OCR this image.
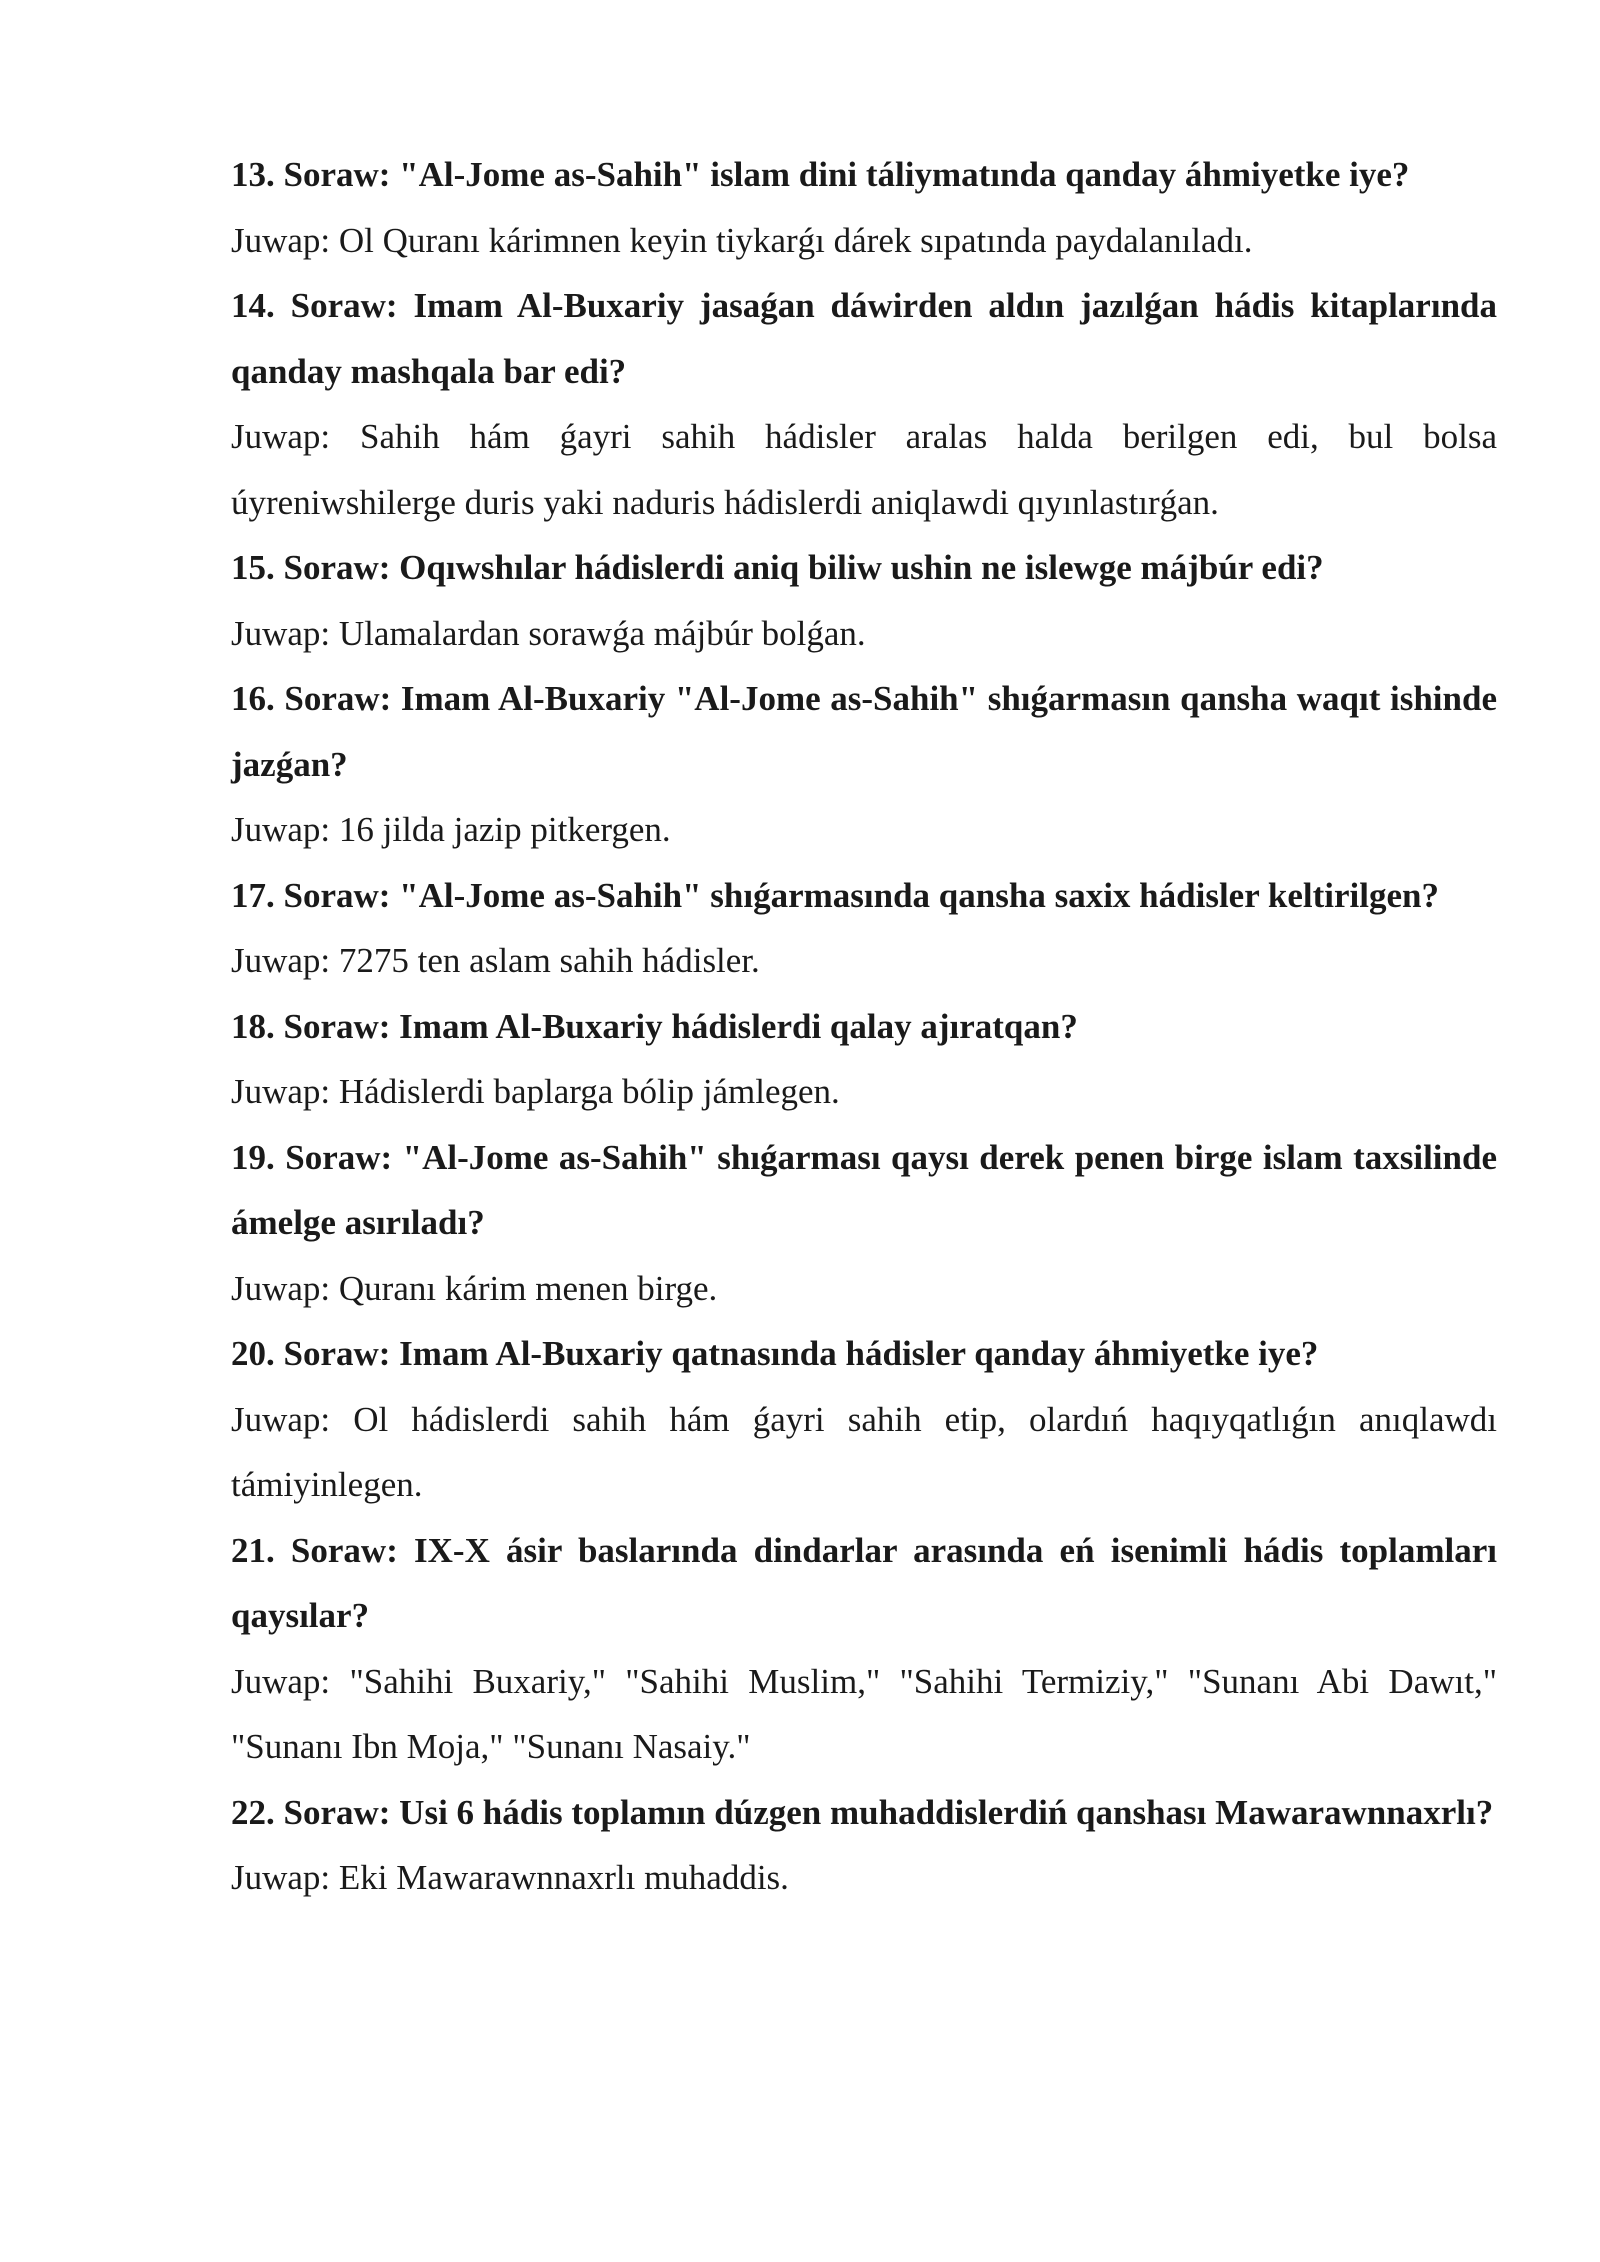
13. Soraw: "Al-Jome as-Sahih" islam dini táliymatında qanday áhmiyetke iye?

Juwap: Ol Quranı kárimnen keyin tiykarǵı dárek sıpatında paydalanıladı.

14. Soraw: Imam Al-Buxariy jasaǵan dáwirden aldın jazılǵan hádis kitaplarında qanday mashqala bar edi?

Juwap: Sahih hám ǵayri sahih hádisler aralas halda berilgen edi, bul bolsa úyreniwshilerge duris yaki naduris hádislerdi aniqlawdi qıyınlastırǵan.

15. Soraw: Oqıwshılar hádislerdi aniq biliw ushin ne islewge májbúr edi?

Juwap: Ulamalardan sorawǵa májbúr bolǵan.

16. Soraw: Imam Al-Buxariy "Al-Jome as-Sahih" shıǵarmasın qansha waqıt ishinde jazǵan?

Juwap: 16 jilda jazip pitkergen.

17. Soraw: "Al-Jome as-Sahih" shıǵarmasında qansha saxix hádisler keltirilgen?

Juwap: 7275 ten aslam sahih hádisler.

18. Soraw: Imam Al-Buxariy hádislerdi qalay ajıratqan?

Juwap: Hádislerdi baplarga bólip jámlegen.

19. Soraw: "Al-Jome as-Sahih" shıǵarması qaysı derek penen birge islam taxsilinde ámelge asırıladı?

Juwap: Quranı kárim menen birge.

20. Soraw: Imam Al-Buxariy qatnasında hádisler qanday áhmiyetke iye?

Juwap: Ol hádislerdi sahih hám ǵayri sahih etip, olardıń haqıyqatlıǵın anıqlawdı támiyinlegen.

21. Soraw: IX-X ásir baslarında dindarlar arasında eń isenimli hádis toplamları qaysılar?

Juwap: "Sahihi Buxariy," "Sahihi Muslim," "Sahihi Termiziy," "Sunanı Abi Dawıt," "Sunanı Ibn Moja," "Sunanı Nasaiy."

22. Soraw: Usi 6 hádis toplamın dúzgen muhaddislerdiń qanshası Mawarawnnaxrlı?

Juwap: Eki Mawarawnnaxrlı muhaddis.
